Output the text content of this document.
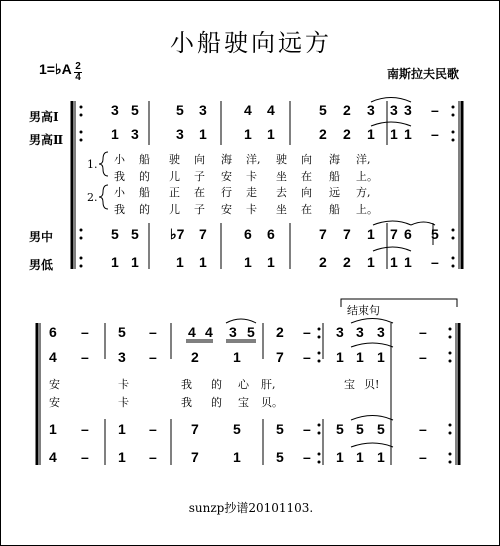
小船驶向远方
1=♭A 2
4	南斯拉夫民歌
男高Ⅰ
男高Ⅱ
男中
男低
结束句
sunzp抄谱20101103.
3 5	5 3	4 4	5 2 3 3 3 –
1 3	3 1	1 1	2 2 1 1 1 –
5 5 ♭7 7	6 6	7 7 1 7 6 5
1 1	1 1	1 1	2 2 1 1 1 –
6 – 5 – 4 4 3 5 2 – 3 3 3 –
4 – 3 – 2 1	7 – 1 1 1 –
1 – 1 – 7 5	5 – 5 5 5 –
4 – 1 – 7 1	5 – 1 1 1 –
1.
2.
小 船 驶 向 海 洋, 驶 向 海 洋,
我 的 儿 子 安 卡 坐 在 船 上。
小 船 正 在 行 走 去 向 远 方,
我 的 儿 子 安 卡 坐 在 船 上。
安	卡	我 的 心 肝,	宝 贝!
安	卡	我 的 宝 贝。
